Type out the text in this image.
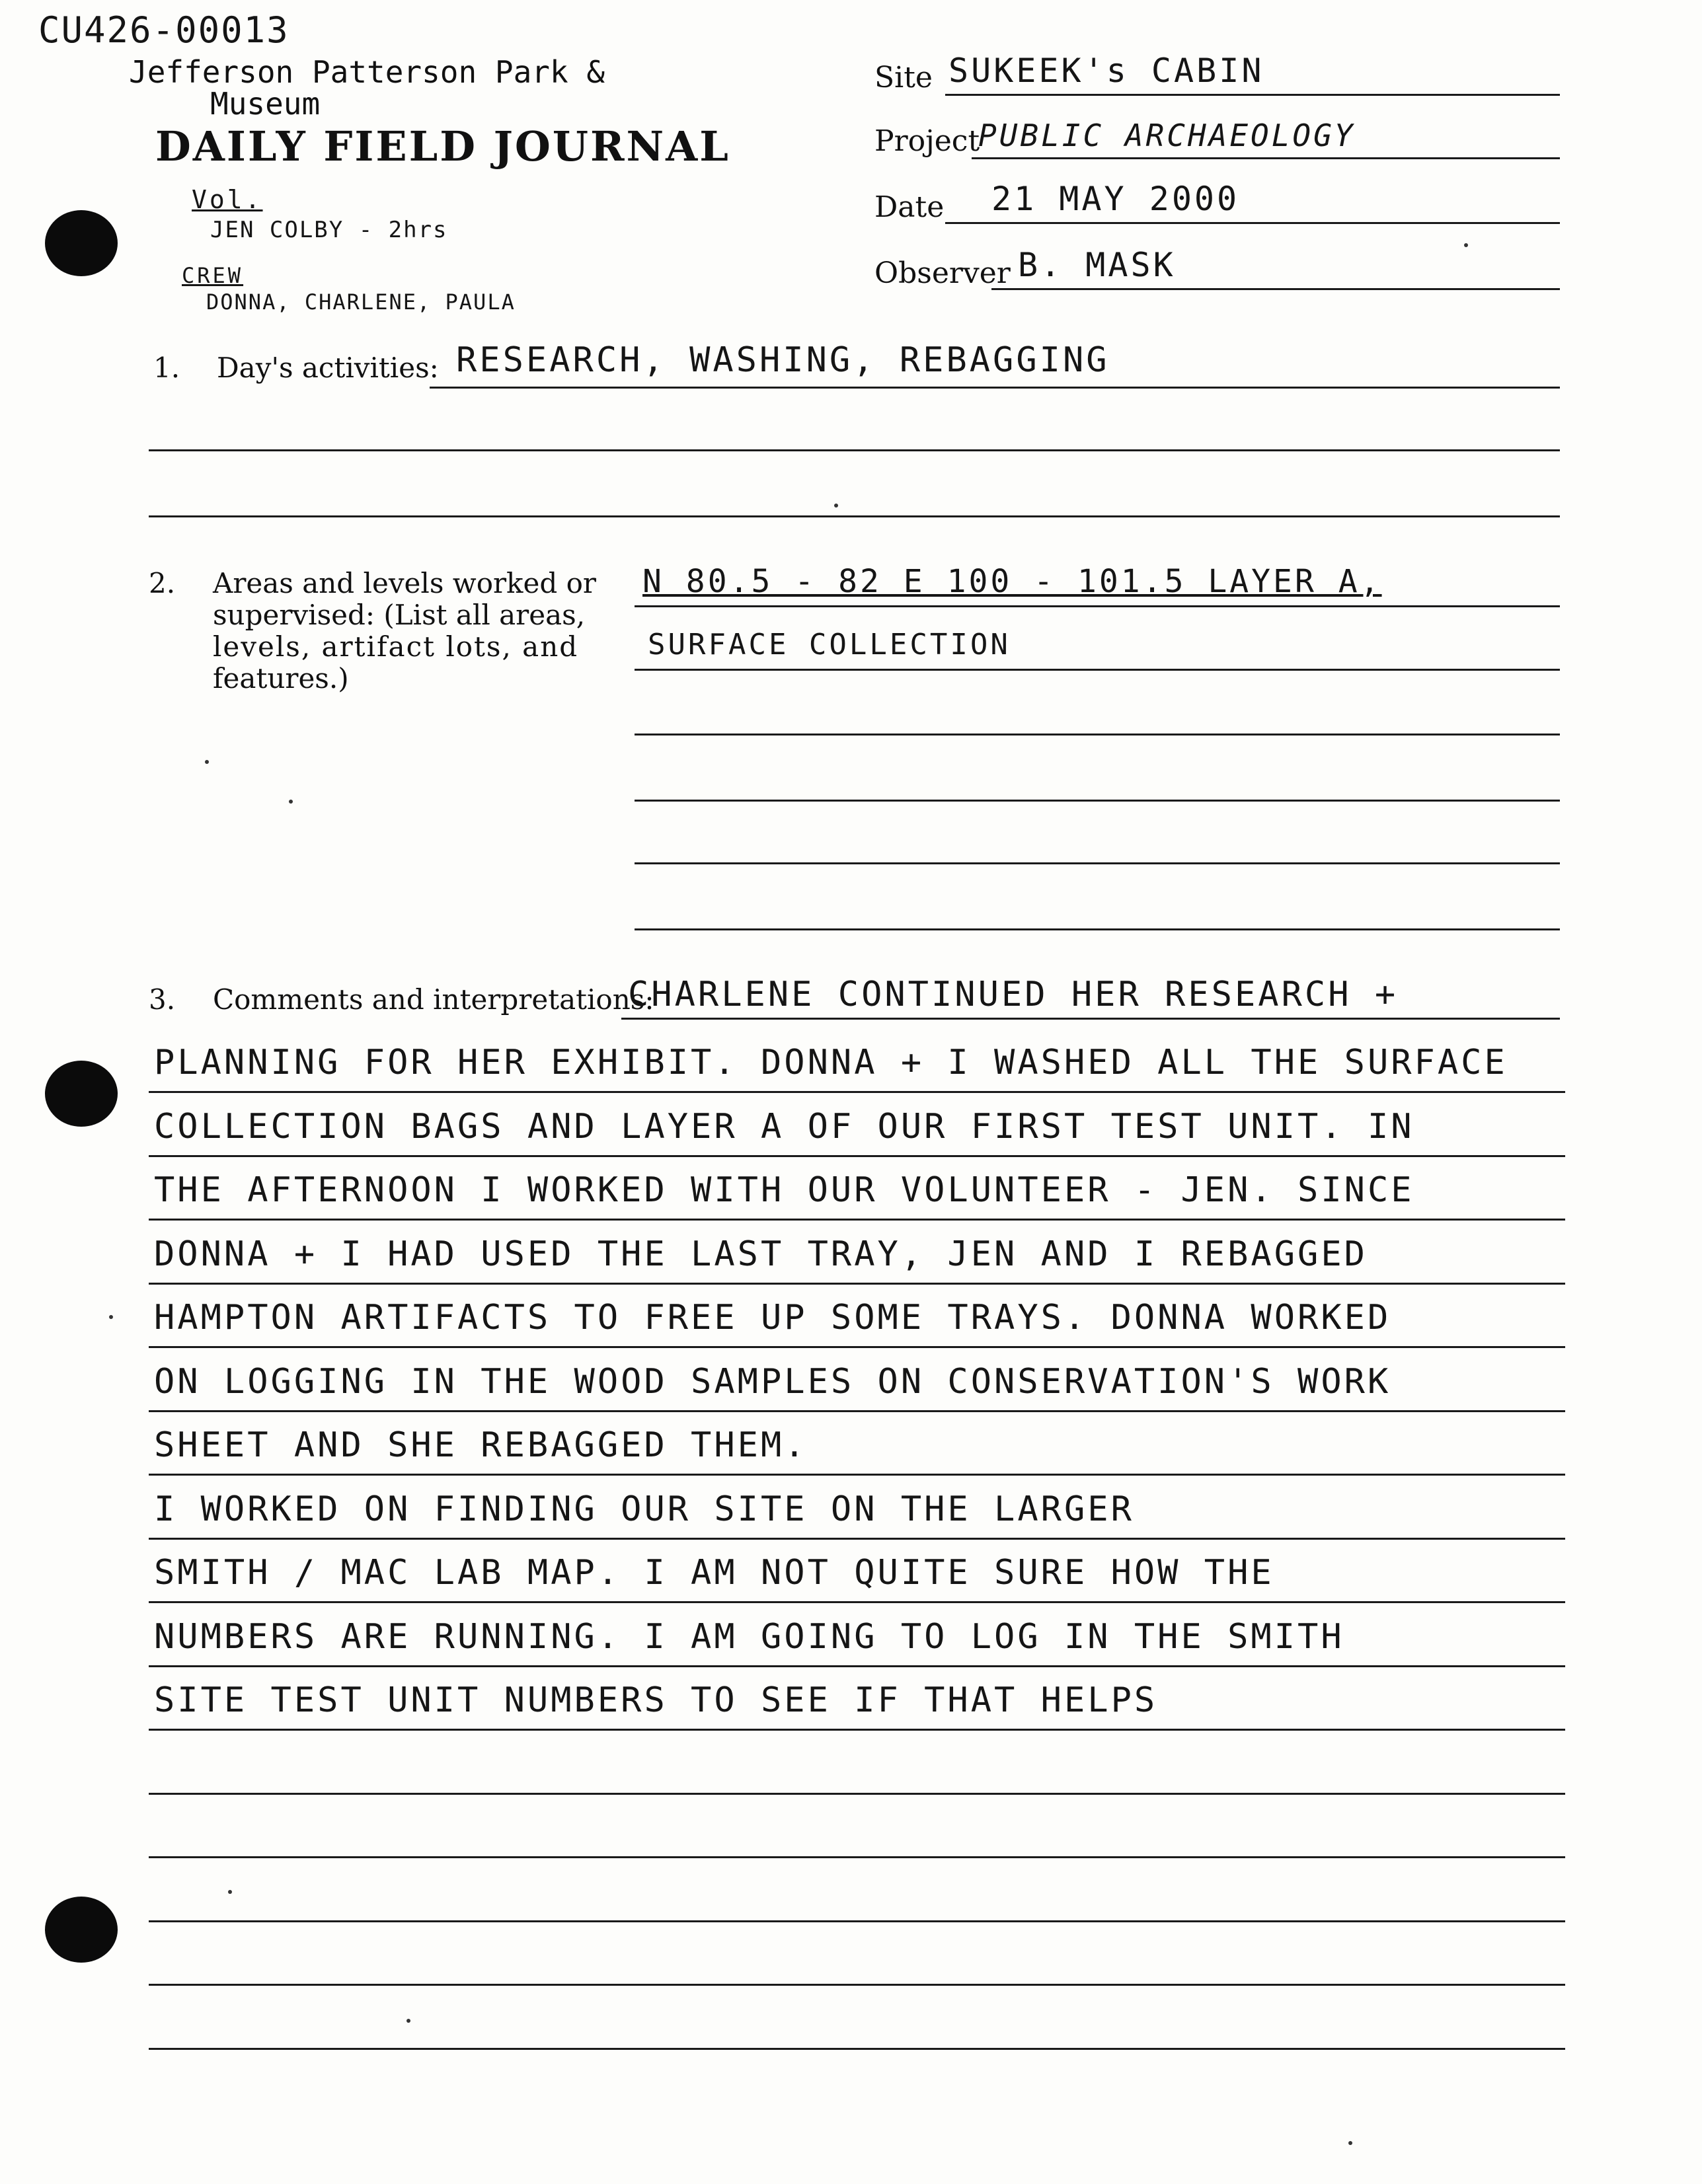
CU426-00013
Jefferson Patterson Park &
Museum
DAILY FIELD JOURNAL
Vol.
JEN COLBY - 2hrs
CREW
DONNA, CHARLENE, PAULA
Site SUKEEK's CABIN
Project
PUBLIC ARCHAEOLOGY
Date 21 MAY 2000
Observer B. MASK
1. Day's activities: RESEARCH, WASHING, REBAGGING
2. Areas and levels worked or
supervised: (List all areas,
levels, artifact lots, and
features.)
N 80.5 - 82 E 100 - 101.5 LAYER A,
SURFACE COLLECTION
3. Comments and interpretations:
CHARLENE CONTINUED HER RESEARCH +
PLANNING FOR HER EXHIBIT. DONNA + I WASHED ALL THE SURFACE
COLLECTION BAGS AND LAYER A OF OUR FIRST TEST UNIT. IN
THE AFTERNOON I WORKED WITH OUR VOLUNTEER - JEN. SINCE
DONNA + I HAD USED THE LAST TRAY, JEN AND I REBAGGED
HAMPTON ARTIFACTS TO FREE UP SOME TRAYS. DONNA WORKED
ON LOGGING IN THE WOOD SAMPLES ON CONSERVATION'S WORK
SHEET AND SHE REBAGGED THEM.
I WORKED ON FINDING OUR SITE ON THE LARGER
SMITH / MAC LAB MAP. I AM NOT QUITE SURE HOW THE
NUMBERS ARE RUNNING. I AM GOING TO LOG IN THE SMITH
SITE TEST UNIT NUMBERS TO SEE IF THAT HELPS
